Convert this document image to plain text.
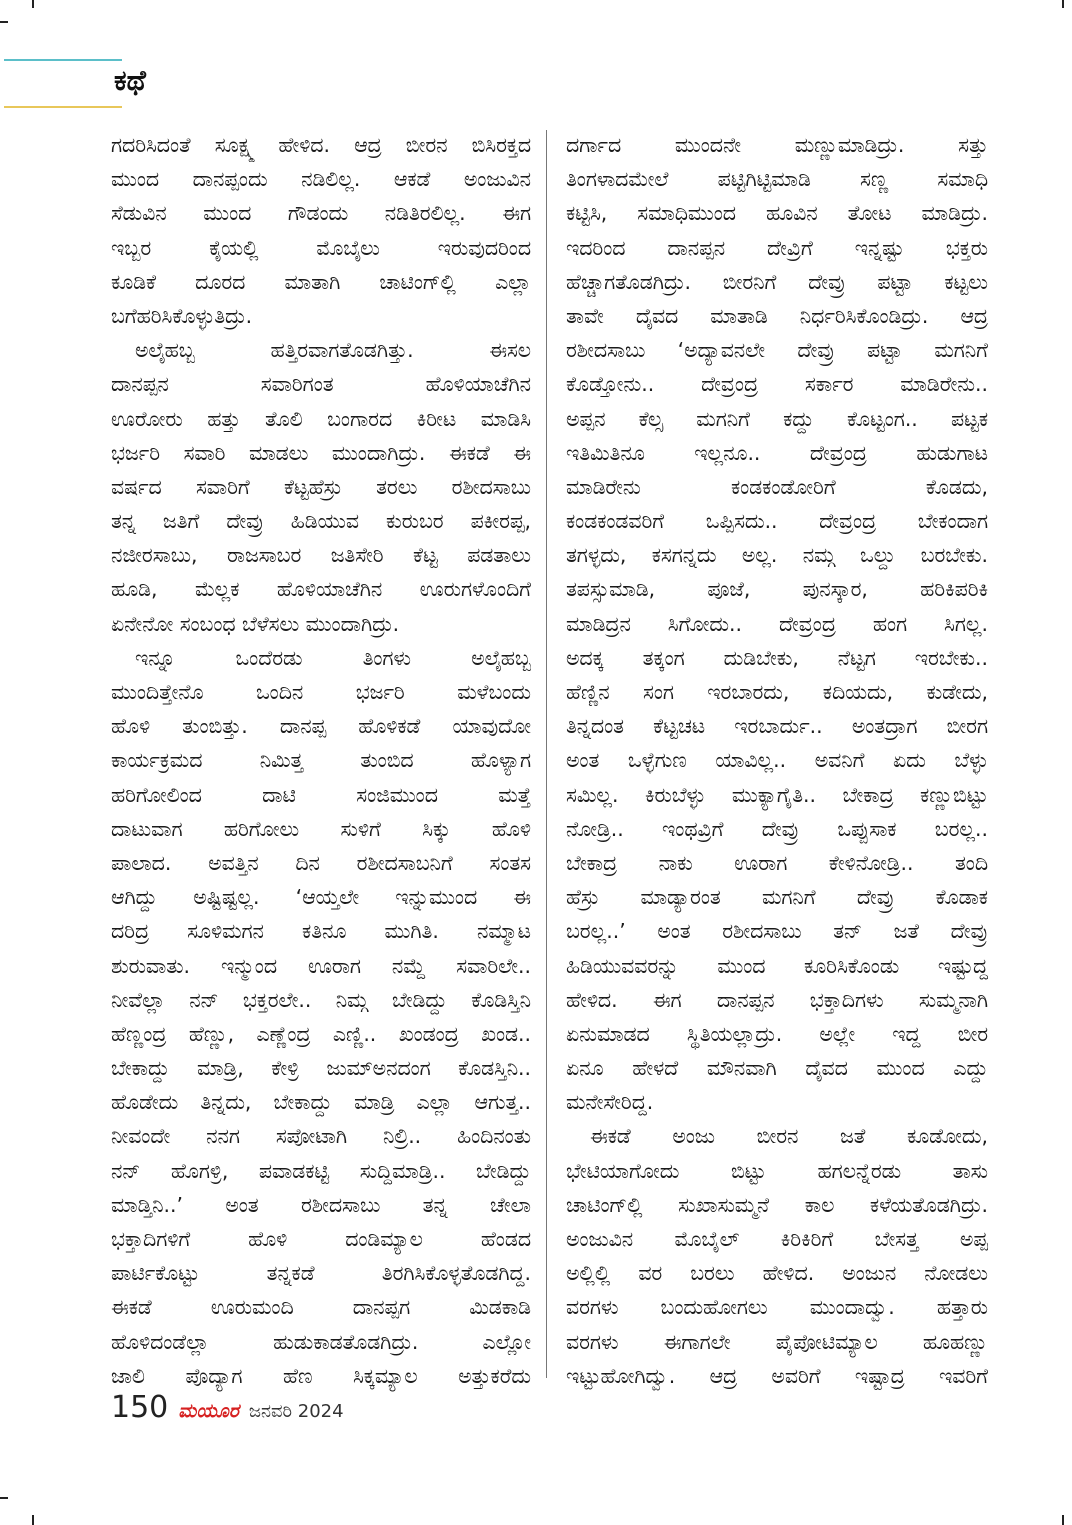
ಕಥೆ
ಗದರಿಸಿದಂತೆ ಸೂಕ್ಷ್ಮ ಹೇಳಿದ. ಆದ್ರ ಬೀರನ ಬಿಸಿರಕ್ತದ
ಮುಂದ ದಾನಪ್ಪಂದು ನಡಿಲಿಲ್ಲ. ಆಕಡೆ ಅಂಜುವಿನ
ಸೆಡುವಿನ ಮುಂದ ಗೌಡಂದು ನಡಿತಿರಲಿಲ್ಲ. ಈಗ
ಇಬ್ಬರ ಕೈಯಲ್ಲಿ ಮೊಬೈಲು ಇರುವುದರಿಂದ
ಕೂಡಿಕೆ ದೂರದ ಮಾತಾಗಿ ಚಾಟಿಂಗ್‌ಲ್ಲಿ ಎಲ್ಲಾ
ಬಗೆಹರಿಸಿಕೊಳ್ಳುತಿದ್ರು.
ಅಲೈಹಬ್ಬ ಹತ್ತಿರವಾಗತೊಡಗಿತ್ತು. ಈಸಲ
ದಾನಪ್ಪನ ಸವಾರಿಗಂತ ಹೊಳಿಯಾಚೆಗಿನ
ಊರೋರು ಹತ್ತು ತೊಲಿ ಬಂಗಾರದ ಕಿರೀಟ ಮಾಡಿಸಿ
ಭರ್ಜರಿ ಸವಾರಿ ಮಾಡಲು ಮುಂದಾಗಿದ್ರು. ಈಕಡೆ ಈ
ವರ್ಷದ ಸವಾರಿಗೆ ಕೆಟ್ಟಹೆಸ್ರು ತರಲು ರಶೀದಸಾಬು
ತನ್ನ ಜತಿಗೆ ದೇವ್ರು ಹಿಡಿಯುವ ಕುರುಬರ ಪಕೀರಪ್ಪ,
ನಜೀರಸಾಬು, ರಾಜಸಾಬರ ಜತಿಸೇರಿ ಕೆಟ್ಟ ಪಡತಾಲು
ಹೂಡಿ, ಮೆಲ್ಲಕ ಹೊಳಿಯಾಚೆಗಿನ ಊರುಗಳೊಂದಿಗೆ
ಏನೇನೋ ಸಂಬಂಧ ಬೆಳೆಸಲು ಮುಂದಾಗಿದ್ರು.
ಇನ್ನೂ ಒಂದೆರಡು ತಿಂಗಳು ಅಲೈಹಬ್ಬ
ಮುಂದಿತ್ತೇನೊ ಒಂದಿನ ಭರ್ಜರಿ ಮಳೆಬಂದು
ಹೊಳಿ ತುಂಬಿತ್ತು. ದಾನಪ್ಪ ಹೊಳಿಕಡೆ ಯಾವುದೋ
ಕಾರ್ಯಕ್ರಮದ ನಿಮಿತ್ತ ತುಂಬಿದ ಹೊಳ್ಯಾಗ
ಹರಿಗೋಲಿಂದ ದಾಟಿ ಸಂಜಿಮುಂದ ಮತ್ತೆ
ದಾಟುವಾಗ ಹರಿಗೋಲು ಸುಳಿಗೆ ಸಿಕ್ಕು ಹೊಳಿ
ಪಾಲಾದ. ಅವತ್ತಿನ ದಿನ ರಶೀದಸಾಬನಿಗೆ ಸಂತಸ
ಆಗಿದ್ದು ಅಷ್ಟಿಷ್ಟಲ್ಲ. ‘ಆಯ್ತಲೇ ಇನ್ನುಮುಂದ ಈ
ದರಿದ್ರ ಸೂಳಿಮಗನ ಕತಿನೂ ಮುಗಿತಿ. ನಮ್ಮಾಟ
ಶುರುವಾತು. ಇನ್ಮುಂದ ಊರಾಗ ನಮ್ದೆ ಸವಾರಿಲೇ..
ನೀವೆಲ್ಲಾ ನನ್ ಭಕ್ತರಲೇ.. ನಿಮ್ಗ ಬೇಡಿದ್ದು ಕೊಡಿಸ್ತಿನಿ
ಹೆಣ್ಣಂದ್ರ ಹೆಣ್ಣು, ಎಣ್ಣೆಂದ್ರ ಎಣ್ಣಿ.. ಖಂಡಂದ್ರ ಖಂಡ..
ಬೇಕಾದ್ದು ಮಾಡ್ರಿ, ಕೇಳ್ರಿ ಜುಮ್‌ಅನದಂಗ ಕೊಡಸ್ತಿನಿ..
ಹೊಡೇದು ತಿನ್ನದು, ಬೇಕಾದ್ದು ಮಾಡ್ರಿ ಎಲ್ಲಾ ಆಗುತ್ತ..
ನೀವಂದೇ ನನಗ ಸಪೋಟಾಗಿ ನಿಲ್ರಿ.. ಹಿಂದಿನಂತು
ನನ್ ಹೊಗಳ್ರಿ, ಪವಾಡಕಟ್ಟಿ ಸುದ್ದಿಮಾಡ್ರಿ.. ಬೇಡಿದ್ದು
ಮಾಡ್ತಿನಿ..’ ಅಂತ ರಶೀದಸಾಬು ತನ್ನ ಚೇಲಾ
ಭಕ್ತಾದಿಗಳಿಗೆ ಹೊಳಿ ದಂಡಿಮ್ಯಾಲ ಹೆಂಡದ
ಪಾರ್ಟಿಕೊಟ್ಟು ತನ್ನಕಡೆ ತಿರಗಿಸಿಕೊಳ್ಳತೊಡಗಿದ್ದ.
ಈಕಡೆ ಊರುಮಂದಿ ದಾನಪ್ಪಗ ಮಿಡಕಾಡಿ
ಹೊಳಿದಂಡೆಲ್ಲಾ ಹುಡುಕಾಡತೊಡಗಿದ್ರು. ಎಲ್ಲೋ
ಜಾಲಿ ಪೊದ್ಯಾಗ ಹೆಣ ಸಿಕ್ಕಮ್ಯಾಲ ಅತ್ತುಕರೆದು
ದರ್ಗಾದ ಮುಂದನೇ ಮಣ್ಣುಮಾಡಿದ್ರು. ಸತ್ತು
ತಿಂಗಳಾದಮೇಲೆ ಪಟ್ಟಿಗಿಟ್ಟಿಮಾಡಿ ಸಣ್ಣ ಸಮಾಧಿ
ಕಟ್ಟಿಸಿ, ಸಮಾಧಿಮುಂದ ಹೂವಿನ ತೋಟ ಮಾಡಿದ್ರು.
ಇದರಿಂದ ದಾನಪ್ಪನ ದೇವ್ರಿಗೆ ಇನ್ನಷ್ಟು ಭಕ್ತರು
ಹೆಚ್ಚಾಗತೊಡಗಿದ್ರು. ಬೀರನಿಗೆ ದೇವ್ರು ಪಟ್ಟಾ ಕಟ್ಟಲು
ತಾವೇ ದೈವದ ಮಾತಾಡಿ ನಿರ್ಧರಿಸಿಕೊಂಡಿದ್ರು. ಆದ್ರ
ರಶೀದಸಾಬು ‘ಅದ್ಯಾವನಲೇ ದೇವ್ರು ಪಟ್ಟಾ ಮಗನಿಗೆ
ಕೊಡ್ತೋನು.. ದೇವ್ರಂದ್ರ ಸರ್ಕಾರ ಮಾಡಿರೇನು..
ಅಪ್ಪನ ಕೆಲ್ಸ ಮಗನಿಗೆ ಕದ್ದು ಕೊಟ್ಟಂಗ.. ಪಟ್ಟಕ
ಇತಿಮಿತಿನೂ ಇಲ್ಲನೂ.. ದೇವ್ರಂದ್ರ ಹುಡುಗಾಟ
ಮಾಡಿರೇನು ಕಂಡಕಂಡೋರಿಗೆ ಕೊಡದು,
ಕಂಡಕಂಡವರಿಗೆ ಒಪ್ಪಿಸದು.. ದೇವ್ರಂದ್ರ ಬೇಕಂದಾಗ
ತಗಳ್ಳದು, ಕಸಗನ್ನದು ಅಲ್ಲ. ನಮ್ಗ ಒಲ್ದು ಬರಬೇಕು.
ತಪಸ್ಸುಮಾಡಿ, ಪೂಜೆ, ಪುನಸ್ಕಾರ, ಹರಿಕಿಪರಿಕಿ
ಮಾಡಿದ್ರನ ಸಿಗೋದು.. ದೇವ್ರಂದ್ರ ಹಂಗ ಸಿಗಲ್ಲ.
ಅದಕ್ಕ ತಕ್ಕಂಗ ದುಡಿಬೇಕು, ನೆಟ್ಟಗ ಇರಬೇಕು..
ಹೆಣ್ಣಿನ ಸಂಗ ಇರಬಾರದು, ಕದಿಯದು, ಕುಡೇದು,
ತಿನ್ನದಂತ ಕೆಟ್ಟಚಟ ಇರಬಾರ್ದು.. ಅಂತದ್ರಾಗ ಬೀರಗ
ಅಂತ ಒಳ್ಳೆಗುಣ ಯಾವಿಲ್ಲ.. ಅವನಿಗೆ ಏದು ಬೆಳ್ಳು
ಸಮಿಲ್ಲ. ಕಿರುಬೆಳ್ಳು ಮುಕ್ಯಾಗೈತಿ.. ಬೇಕಾದ್ರ ಕಣ್ಣುಬಿಟ್ಟು
ನೋಡ್ರಿ.. ಇಂಥವ್ರಿಗೆ ದೇವ್ರು ಒಪ್ಪುಸಾಕ ಬರಲ್ಲ..
ಬೇಕಾದ್ರ ನಾಕು ಊರಾಗ ಕೇಳಿನೋಡ್ರಿ.. ತಂದಿ
ಹೆಸ್ರು ಮಾಡ್ಯಾರಂತ ಮಗನಿಗೆ ದೇವ್ರು ಕೊಡಾಕ
ಬರಲ್ಲ..’ ಅಂತ ರಶೀದಸಾಬು ತನ್ ಜತೆ ದೇವ್ರು
ಹಿಡಿಯುವವರನ್ನು ಮುಂದ ಕೂರಿಸಿಕೊಂಡು ಇಷ್ಟುದ್ದ
ಹೇಳಿದ. ಈಗ ದಾನಪ್ಪನ ಭಕ್ತಾದಿಗಳು ಸುಮ್ಮನಾಗಿ
ಏನುಮಾಡದ ಸ್ಥಿತಿಯಲ್ಲಾದ್ರು. ಅಲ್ಲೇ ಇದ್ದ ಬೀರ
ಏನೂ ಹೇಳದೆ ಮೌನವಾಗಿ ದೈವದ ಮುಂದ ಎದ್ದು
ಮನೇಸೇರಿದ್ದ.
ಈಕಡೆ ಅಂಜು ಬೀರನ ಜತೆ ಕೂಡೋದು,
ಭೇಟಿಯಾಗೋದು ಬಿಟ್ಟು ಹಗಲನ್ನೆರಡು ತಾಸು
ಚಾಟಿಂಗ್‌ಲ್ಲಿ ಸುಖಾಸುಮ್ಮನೆ ಕಾಲ ಕಳೆಯತೊಡಗಿದ್ರು.
ಅಂಜುವಿನ ಮೊಬೈಲ್ ಕಿರಿಕಿರಿಗೆ ಬೇಸತ್ತ ಅಪ್ಪ
ಅಲ್ಲಿಲ್ಲಿ ವರ ಬರಲು ಹೇಳಿದ. ಅಂಜುನ ನೋಡಲು
ವರಗಳು ಬಂದುಹೋಗಲು ಮುಂದಾದ್ವು. ಹತ್ತಾರು
ವರಗಳು ಈಗಾಗಲೇ ಪೈಪೋಟಿಮ್ಯಾಲ ಹೂಹಣ್ಣು
ಇಟ್ಟುಹೋಗಿದ್ವು. ಆದ್ರ ಅವರಿಗೆ ಇಷ್ಟಾದ್ರ ಇವರಿಗೆ
150 ಮಯೂರ ಜನವರಿ 2024
